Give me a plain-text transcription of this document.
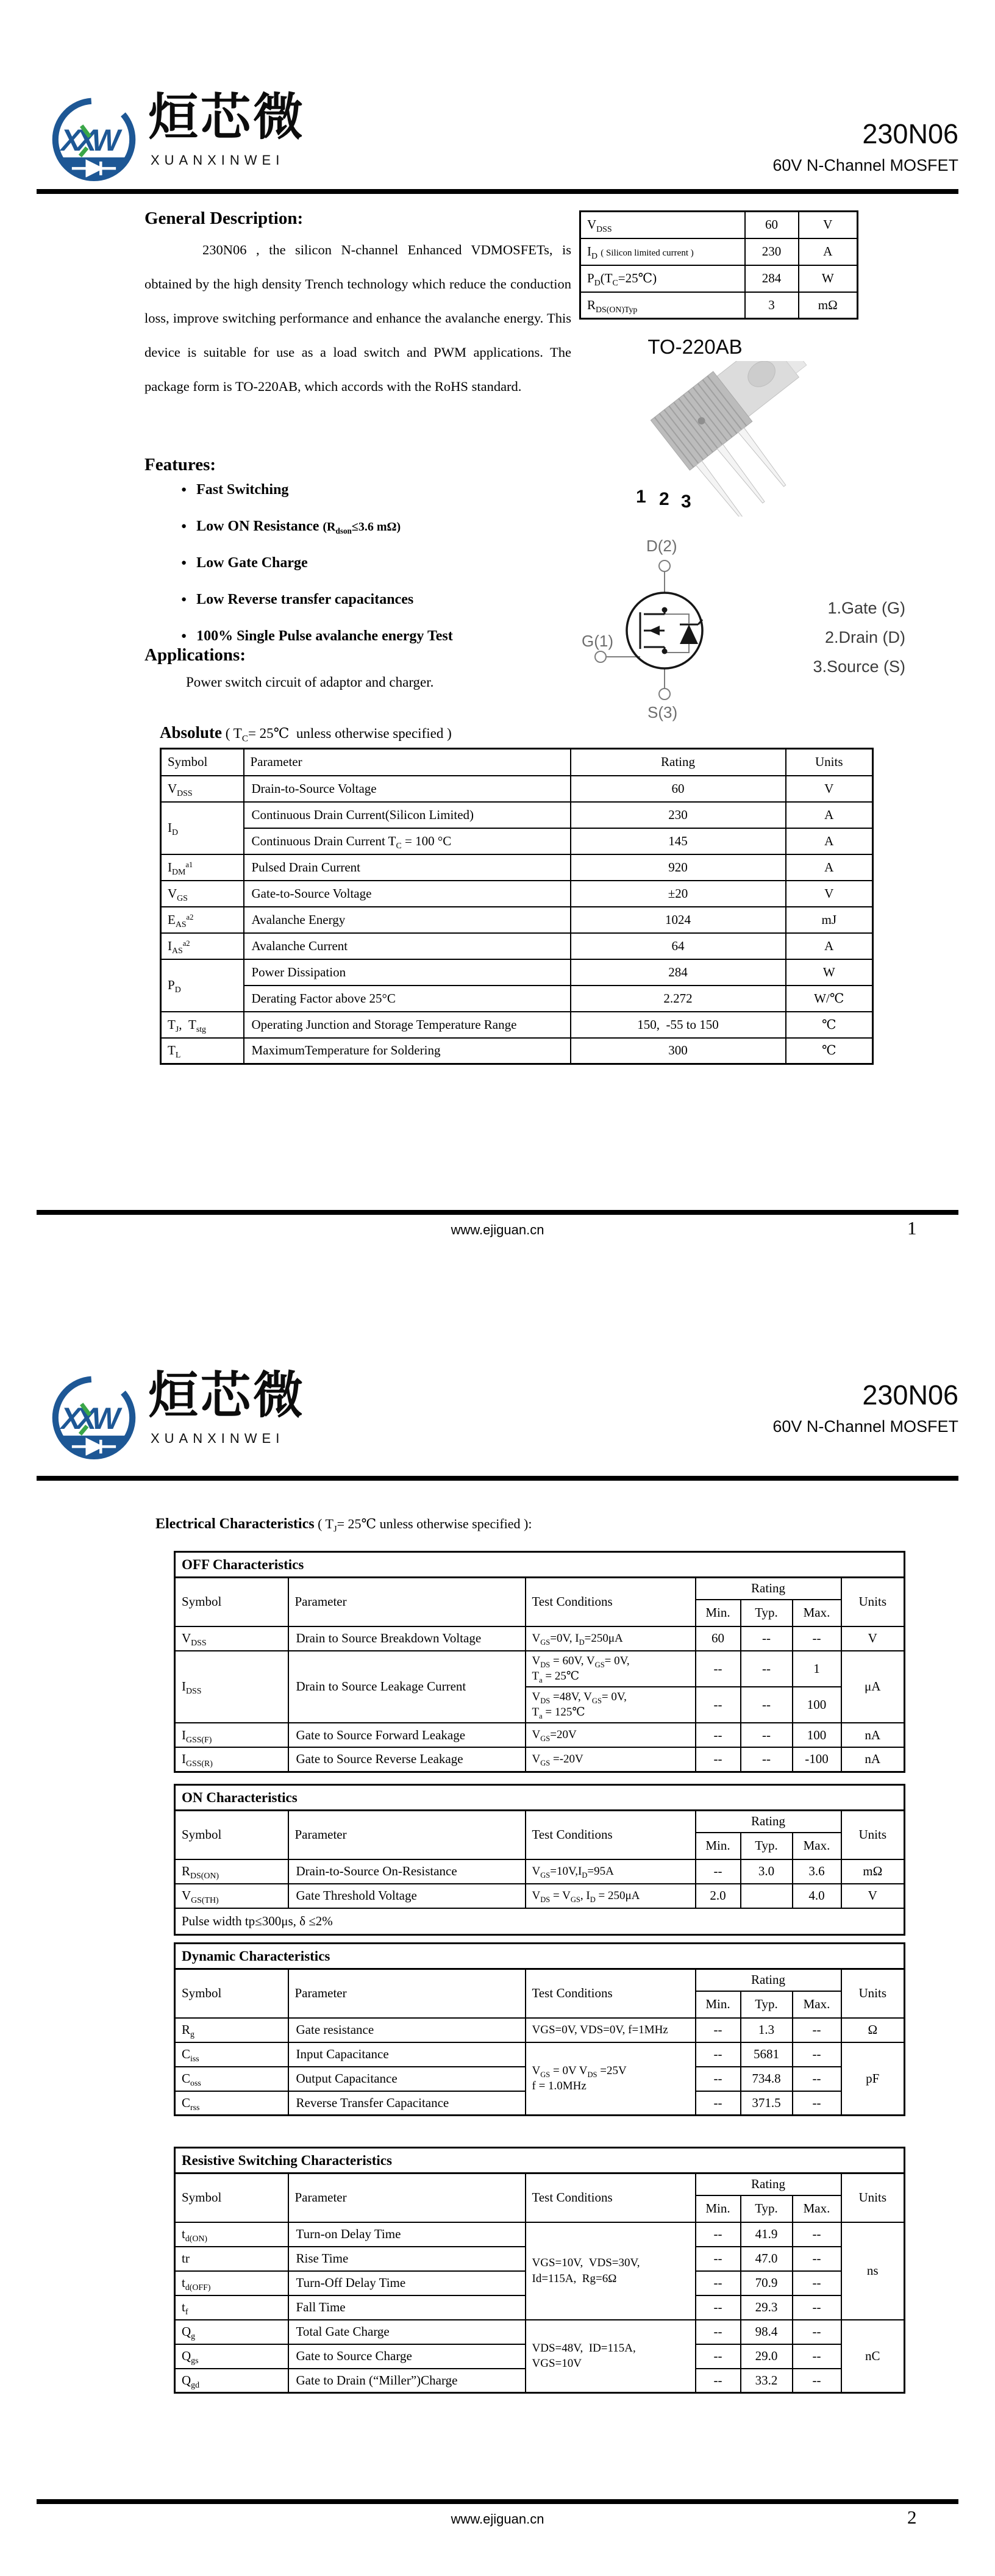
XXW 烜芯微
XUANXINWEI
230N06
60V N-Channel MOSFET
General Description:
230N06 , the silicon N-channel Enhanced VDMOSFETs, is obtained by the high density Trench technology which reduce the conduction loss, improve switching performance and enhance the avalanche energy. This device is suitable for use as a load switch and PWM applications. The package form is TO-220AB, which accords with the RoHS standard.
Features:
● Fast Switching
● Low ON Resistance ($R_{dson}\le 3.6$ mΩ)
● Low Gate Charge
● Low Reverse transfer capacitances
● 100% Single Pulse avalanche energy Test
Applications:
Power switch circuit of adaptor and charger.
$V_{DSS}$	60	V
$I_D$ ( Silicon limited current )	230	A
$P_D(T_C=25℃)$	284	W
$R_{DS(ON)Typ}$	3	mΩ
TO-220AB
1 2 3
D(2)
G(1)
S(3)
1.Gate (G)
2.Drain (D)
3.Source (S)
Absolute ( $T_C=$ 25℃  unless otherwise specified )
Symbol	Parameter	Rating	Units
$V_{DSS}$	Drain-to-Source Voltage	60	V
$I_D$	Continuous Drain Current(Silicon Limited)	230	A
	Continuous Drain Current $T_C = 100$ °C	145	A
$I_{DM}^{a1}$	Pulsed Drain Current	920	A
$V_{GS}$	Gate-to-Source Voltage	±20	V
$E_{AS}^{a2}$	Avalanche Energy	1024	mJ
$I_{AS}^{a2}$	Avalanche Current	64	A
$P_D$	Power Dissipation	284	W
	Derating Factor above 25°C	2.272	W/℃
$T_J$,  $T_{stg}$	Operating Junction and Storage Temperature Range	150,  -55 to 150	℃
$T_L$	MaximumTemperature for Soldering	300	℃
www.ejiguan.cn	1
XXW 烜芯微
XUANXINWEI
230N06
60V N-Channel MOSFET
Electrical Characteristics ( $T_J=$ 25℃ unless otherwise specified ):
OFF Characteristics						
Symbol	Parameter	Test Conditions	Rating			Units
			Min.	Typ.	Max.	
$V_{DSS}$	Drain to Source Breakdown Voltage	$V_{GS}=0V$, $I_D=250\mu A$	60	--	--	V
$I_{DSS}$	Drain to Source Leakage Current	$V_{DS} = 60V$, $V_{GS}= 0V$,
$T_a$ = 25℃	--	--	1	μA
		$V_{DS} =48V$, $V_{GS}= 0V$,
$T_a$ = 125℃	--	--	100	
$I_{GSS(F)}$	Gate to Source Forward Leakage	$V_{GS}=20V$	--	--	100	nA
$I_{GSS(R)}$	Gate to Source Reverse Leakage	$V_{GS} =-20V$	--	--	-100	nA
ON Characteristics						
Symbol	Parameter	Test Conditions	Rating			Units
			Min.	Typ.	Max.	
$R_{DS(ON)}$	Drain-to-Source On-Resistance	$V_{GS}=10V,I_D=95A$	--	3.0	3.6	mΩ
$V_{GS(TH)}$	Gate Threshold Voltage	$V_{DS} = V_{GS}$, $I_D = 250\mu A$	2.0		4.0	V
Pulse width tp≤300μs, δ ≤2%						
Dynamic Characteristics						
Symbol	Parameter	Test Conditions	Rating			Units
			Min.	Typ.	Max.	
$R_g$	Gate resistance	VGS=0V, VDS=0V, f=1MHz	--	1.3	--	Ω
$C_{iss}$	Input Capacitance	$V_{GS} = 0V$ $V_{DS} =25V$
f = 1.0MHz	--	5681	--	pF
$C_{oss}$	Output Capacitance		--	734.8	--	
$C_{rss}$	Reverse Transfer Capacitance		--	371.5	--	
Resistive Switching Characteristics						
Symbol	Parameter	Test Conditions	Rating			Units
			Min.	Typ.	Max.	
$t_{d(ON)}$	Turn-on Delay Time	VGS=10V,  VDS=30V,
Id=115A,  Rg=6Ω	--	41.9	--	ns
tr	Rise Time		--	47.0	--	
$t_{d(OFF)}$	Turn-Off Delay Time		--	70.9	--	
$t_f$	Fall Time		--	29.3	--	
$Q_g$	Total Gate Charge	VDS=48V,  ID=115A,
VGS=10V	--	98.4	--	nC
$Q_{gs}$	Gate to Source Charge		--	29.0	--	
$Q_{gd}$	Gate to Drain (“Miller”)Charge		--	33.2	--	
www.ejiguan.cn	2
